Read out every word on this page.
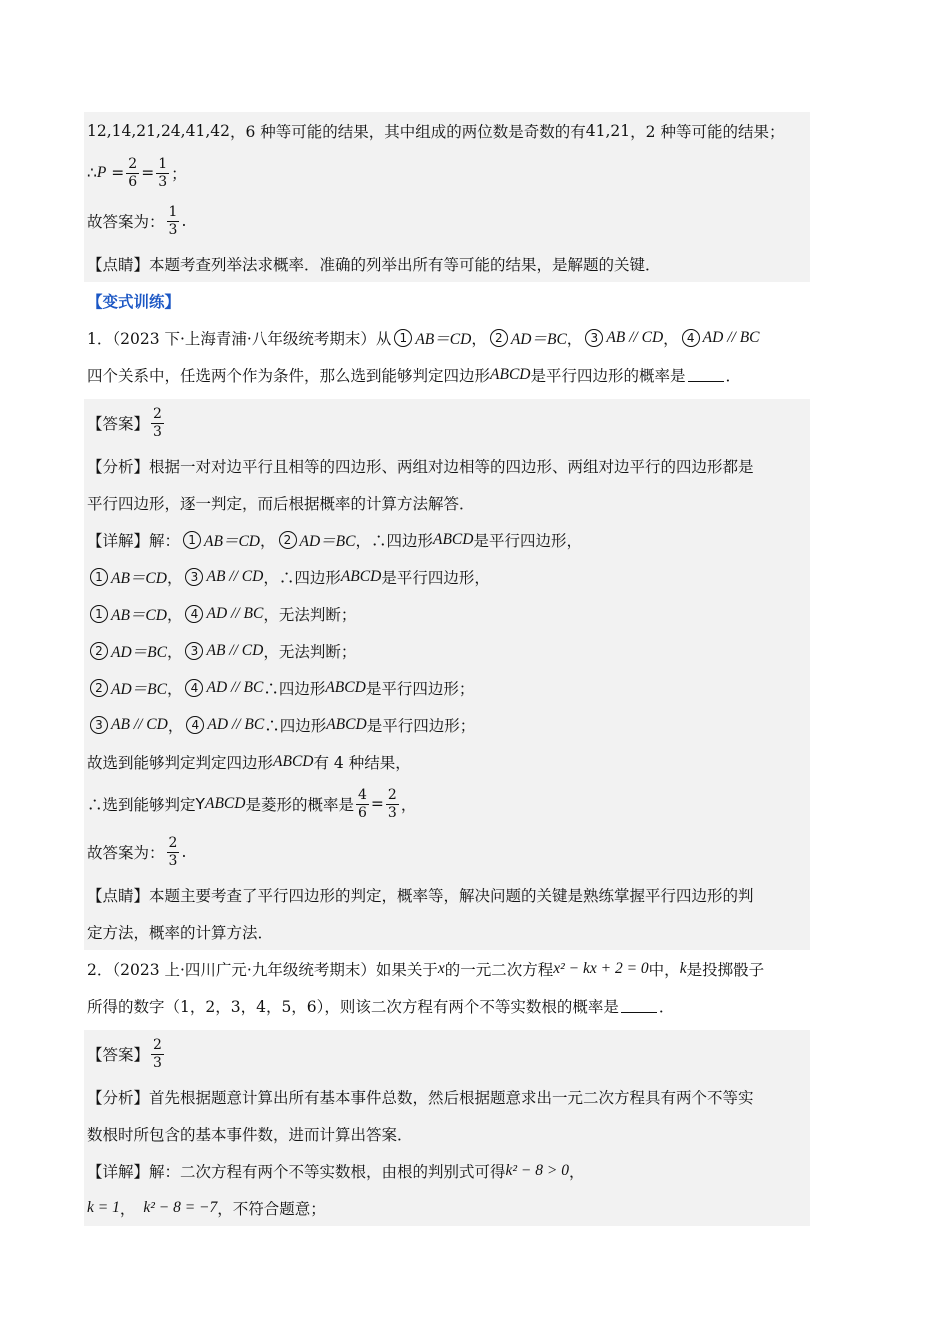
12,14,21,24,41,42 ，6 种等可能的结果，其中组成的两位数是奇数的有 41,21 ，2 种等可能的结果；
∴ $P = \frac{2}{6} = \frac{1}{3}$ ；
故答案为： $\frac{1}{3}$ .
【点睛】本题考查列举法求概率．准确的列举出所有等可能的结果，是解题的关键．
【变式训练】
1．（2023 下·上海青浦·八年级统考期末）从 1 AB＝CD ， 2 AD＝BC ， 3 AB // CD ， 4 AD // BC
四个关系中，任选两个作为条件，那么选到能够判定四边形 ABCD 是平行四边形的概率是	．
【答案】 $\frac{2}{3}$
【分析】根据一对对边平行且相等的四边形、两组对边相等的四边形、两组对边平行的四边形都是
平行四边形，逐一判定，而后根据概率的计算方法解答．
【详解】解： 1 AB＝CD ， 2 AD＝BC ，∴四边形 ABCD 是平行四边形，
1 AB＝CD ， 3 AB // CD ，∴四边形 ABCD 是平行四边形，
1 AB＝CD ， 4 AD // BC ，无法判断；
2 AD＝BC ， 3 AB // CD ，无法判断；
2 AD＝BC ， 4 AD // BC ∴四边形 ABCD 是平行四边形；
3 AB // CD ， 4 AD // BC ∴四边形 ABCD 是平行四边形；
故选到能够判定判定四边形 ABCD 有 4 种结果，
∴选到能够判定 Y ABCD 是菱形的概率是 $\frac{4}{6} = \frac{2}{3}$ ，
故答案为： $\frac{2}{3}$ .
【点睛】本题主要考查了平行四边形的判定，概率等，解决问题的关键是熟练掌握平行四边形的判
定方法，概率的计算方法．
2．（2023 上·四川广元·九年级统考期末）如果关于 x 的一元二次方程 x² − kx + 2 = 0 中， k 是投掷骰子
所得的数字（1，2，3，4，5，6），则该二次方程有两个不等实数根的概率是	．
【答案】 $\frac{2}{3}$
【分析】首先根据题意计算出所有基本事件总数，然后根据题意求出一元二次方程具有两个不等实
数根时所包含的基本事件数，进而计算出答案．
【详解】解：二次方程有两个不等实数根，由根的判别式可得 k² − 8 > 0 ，
k = 1 ， k² − 8 = −7 ，不符合题意；
